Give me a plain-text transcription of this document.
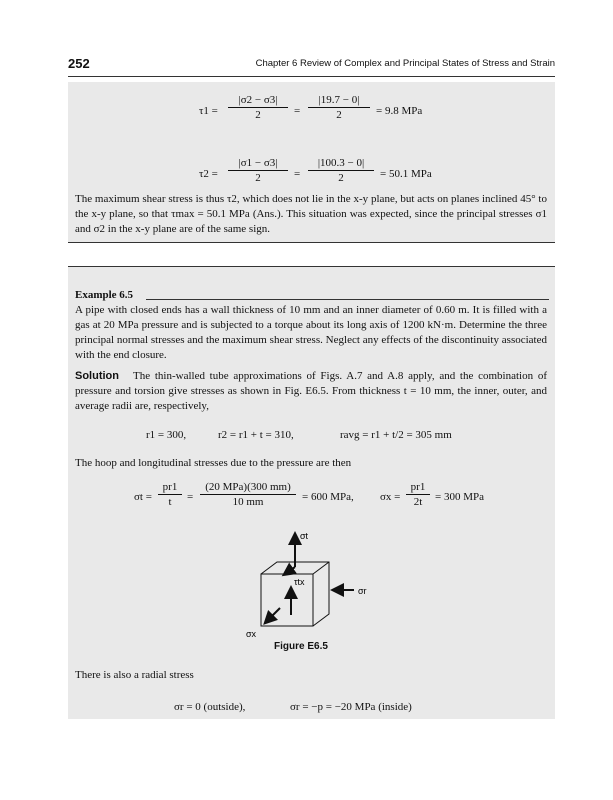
252	Chapter 6 Review of Complex and Principal States of Stress and Strain
$\tau 1 = \frac{|\sigma 2 - \sigma 3|}{2} = \frac{|19.7 - 0|}{2} = 9.8$ MPa
$\tau 2 = \frac{|\sigma 1 - \sigma 3|}{2} = \frac{|100.3 - 0|}{2} = 50.1$ MPa
The maximum shear stress is thus τ2, which does not lie in the x-y plane, but acts on planes inclined 45° to the x-y plane, so that τmax = 50.1 MPa (Ans.). This situation was expected, since the principal stresses σ1 and σ2 in the x-y plane are of the same sign.
Example 6.5
A pipe with closed ends has a wall thickness of 10 mm and an inner diameter of 0.60 m. It is filled with a gas at 20 MPa pressure and is subjected to a torque about its long axis of 1200 kN·m. Determine the three principal normal stresses and the maximum shear stress. Neglect any effects of the discontinuity associated with the end closure.
Solution The thin-walled tube approximations of Figs. A.7 and A.8 apply, and the combination of pressure and torsion give stresses as shown in Fig. E6.5. From thickness t = 10 mm, the inner, outer, and average radii are, respectively,
r1 = 300,	r2 = r1 + t = 310,	ravg = r1 + t/2 = 305 mm
The hoop and longitudinal stresses due to the pressure are then
$\sigma t = \frac{pr1}{t}$ =
(20 MPa)(300 mm)
10 mm	= 600 MPa, $\sigma x = \frac{pr1}{2t} = 300$ MPa
σt
τtx
σr
σx
Figure E6.5
There is also a radial stress
σr = 0 (outside),	σr = −p = −20 MPa (inside)
